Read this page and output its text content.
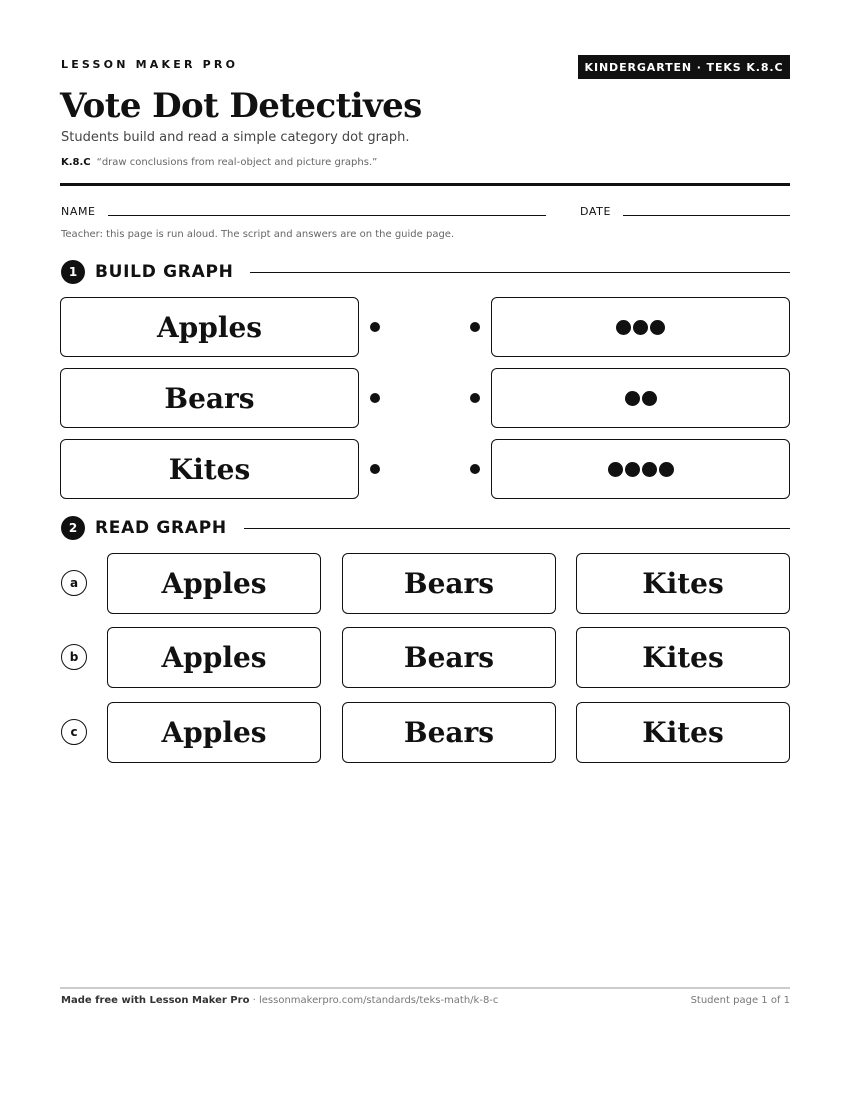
LESSON MAKER PRO	KINDERGARTEN · TEKS K.8.C
Vote Dot Detectives

Students build and read a simple category dot graph.

K.8.C “draw conclusions from real-object and picture graphs.”

NAME	DATE
Teacher: this page is run aloud. The script and answers are on the guide page.
1	BUILD GRAPH
Apples
Bears
Kites
2	READ GRAPH
a	Apples	Bears	Kites
b	Apples	Bears	Kites
c	Apples	Bears	Kites
Made free with Lesson Maker Pro · lessonmakerpro.com/standards/teks-math/k-8-c	Student page 1 of 1
